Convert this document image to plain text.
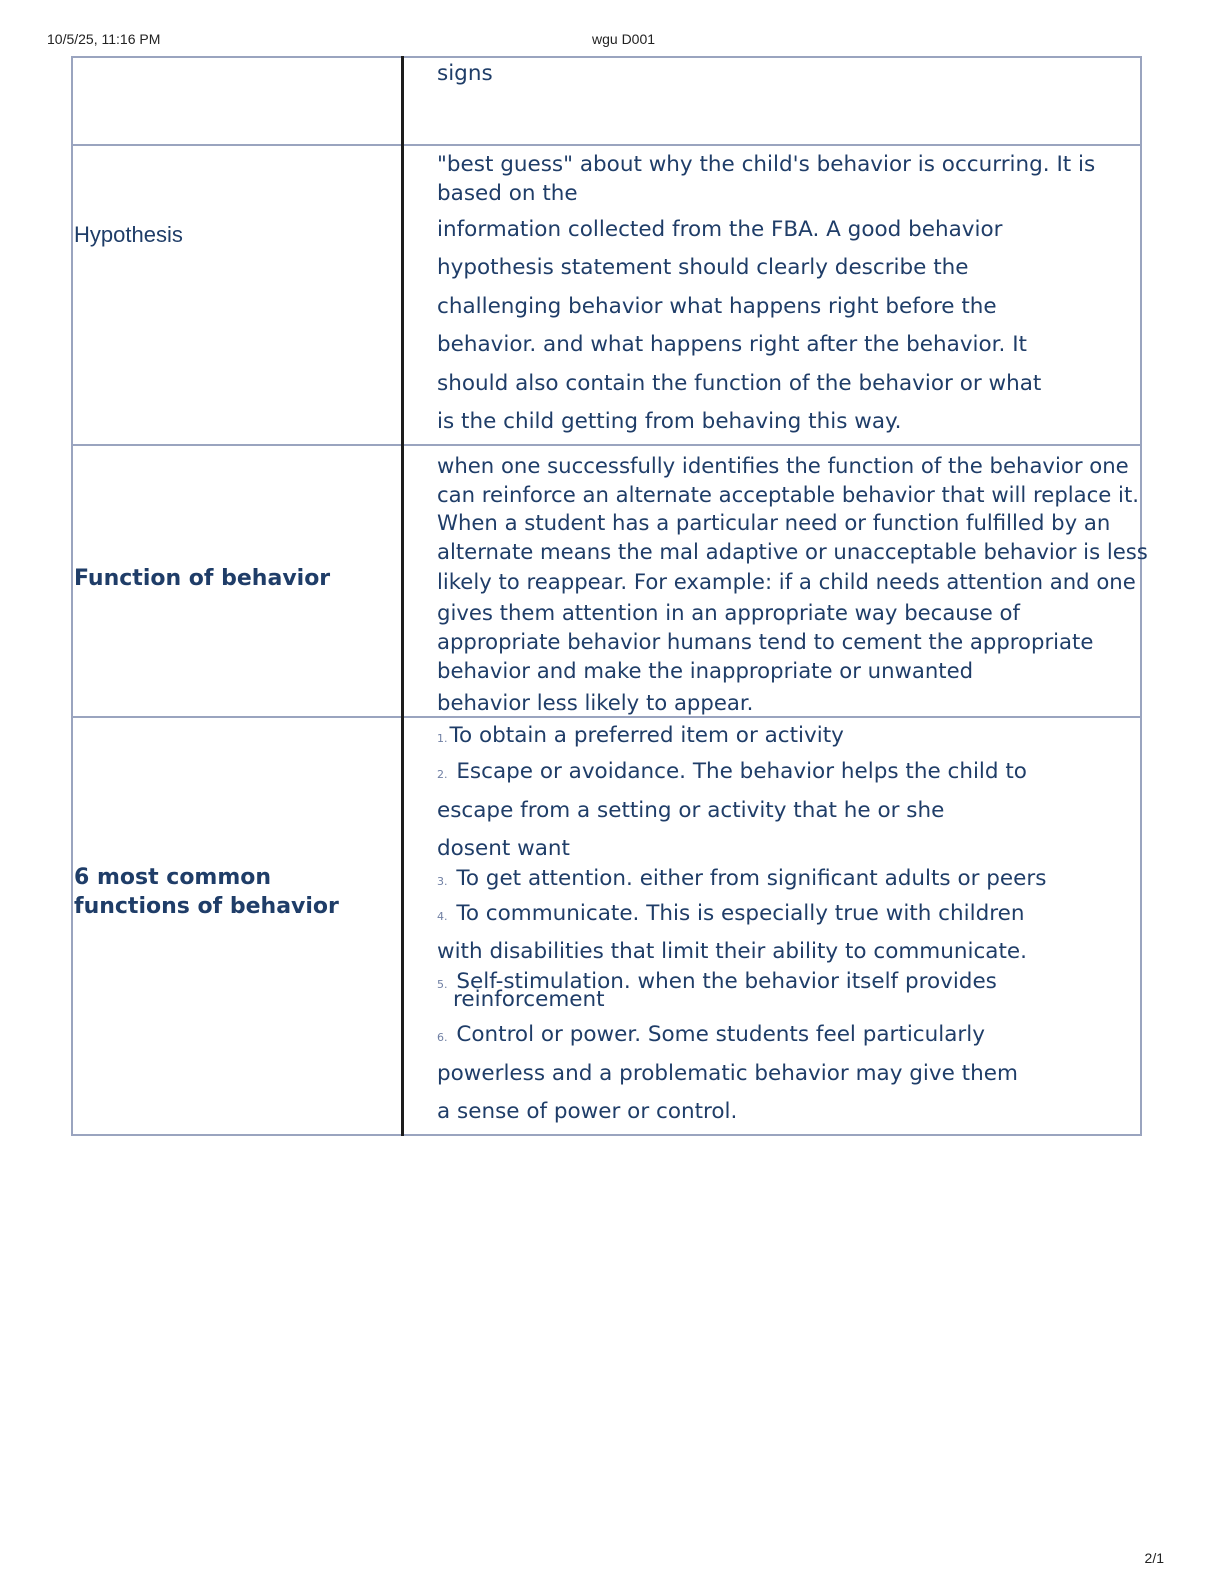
10/5/25, 11:16 PM	wgu D001
signs
Hypothesis
"best guess" about why the child's behavior is occurring. It is
based on the
information collected from the FBA. A good behavior
hypothesis statement should clearly describe the
challenging behavior what happens right before the
behavior. and what happens right after the behavior. It
should also contain the function of the behavior or what
is the child getting from behaving this way.
Function of behavior
when one successfully identifies the function of the behavior one
can reinforce an alternate acceptable behavior that will replace it.
When a student has a particular need or function fulfilled by an
alternate means the mal adaptive or unacceptable behavior is less
likely to reappear. For example: if a child needs attention and one
gives them attention in an appropriate way because of
appropriate behavior humans tend to cement the appropriate
behavior and make the inappropriate or unwanted
behavior less likely to appear.
6 most common
functions of behavior
1.To obtain a preferred item or activity
2. Escape or avoidance. The behavior helps the child to
escape from a setting or activity that he or she
dosent want
3. To get attention. either from significant adults or peers
4. To communicate. This is especially true with children
with disabilities that limit their ability to communicate.
5. Self-stimulation. when the behavior itself provides
reinforcement
6. Control or power. Some students feel particularly
powerless and a problematic behavior may give them
a sense of power or control.
2/1
